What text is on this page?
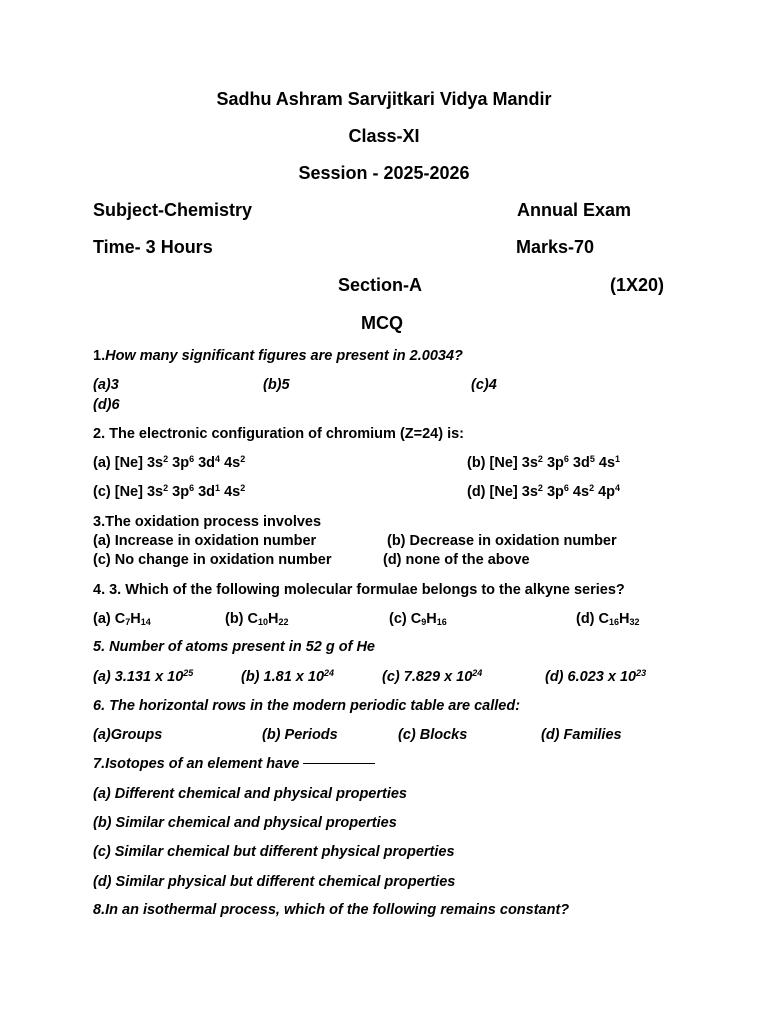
Sadhu Ashram Sarvjitkari Vidya Mandir
Class-XI
Session - 2025-2026
Subject-Chemistry	Annual Exam
Time- 3 Hours	Marks-70
Section-A	(1X20)
MCQ
1.How many significant figures are present in 2.0034?
(a)3	(b)5	(c)4
(d)6
2. The electronic configuration of chromium (Z=24) is:
(a) [Ne] $3s^2$ $3p^6$ $3d^4$ $4s^2$	(b) [Ne] $3s^2$ $3p^6$ $3d^5$ $4s^1$
(c) [Ne] $3s^2$ $3p^6$ $3d^1$ $4s^2$	(d) [Ne] $3s^2$ $3p^6$ $4s^2$ $4p^4$
3.The oxidation process involves
(a) Increase in oxidation number	(b) Decrease in oxidation number
(c) No change in oxidation number	(d) none of the above
4. 3. Which of the following molecular formulae belongs to the alkyne series?
(a) $C_7H_{14}$	(b) $C_{10}H_{22}$	(c) $C_9H_{16}$	(d) $C_{16}H_{32}$
5. Number of atoms present in 52 g of He
(a) 3.131 x $10^{25}$	(b) 1.81 x $10^{24}$	(c) 7.829 x $10^{24}$	(d) 6.023 x $10^{23}$
6. The horizontal rows in the modern periodic table are called:
(a)Groups	(b) Periods	(c) Blocks	(d) Families
7.Isotopes of an element have
(a) Different chemical and physical properties
(b) Similar chemical and physical properties
(c) Similar chemical but different physical properties
(d) Similar physical but different chemical properties
8.In an isothermal process, which of the following remains constant?
